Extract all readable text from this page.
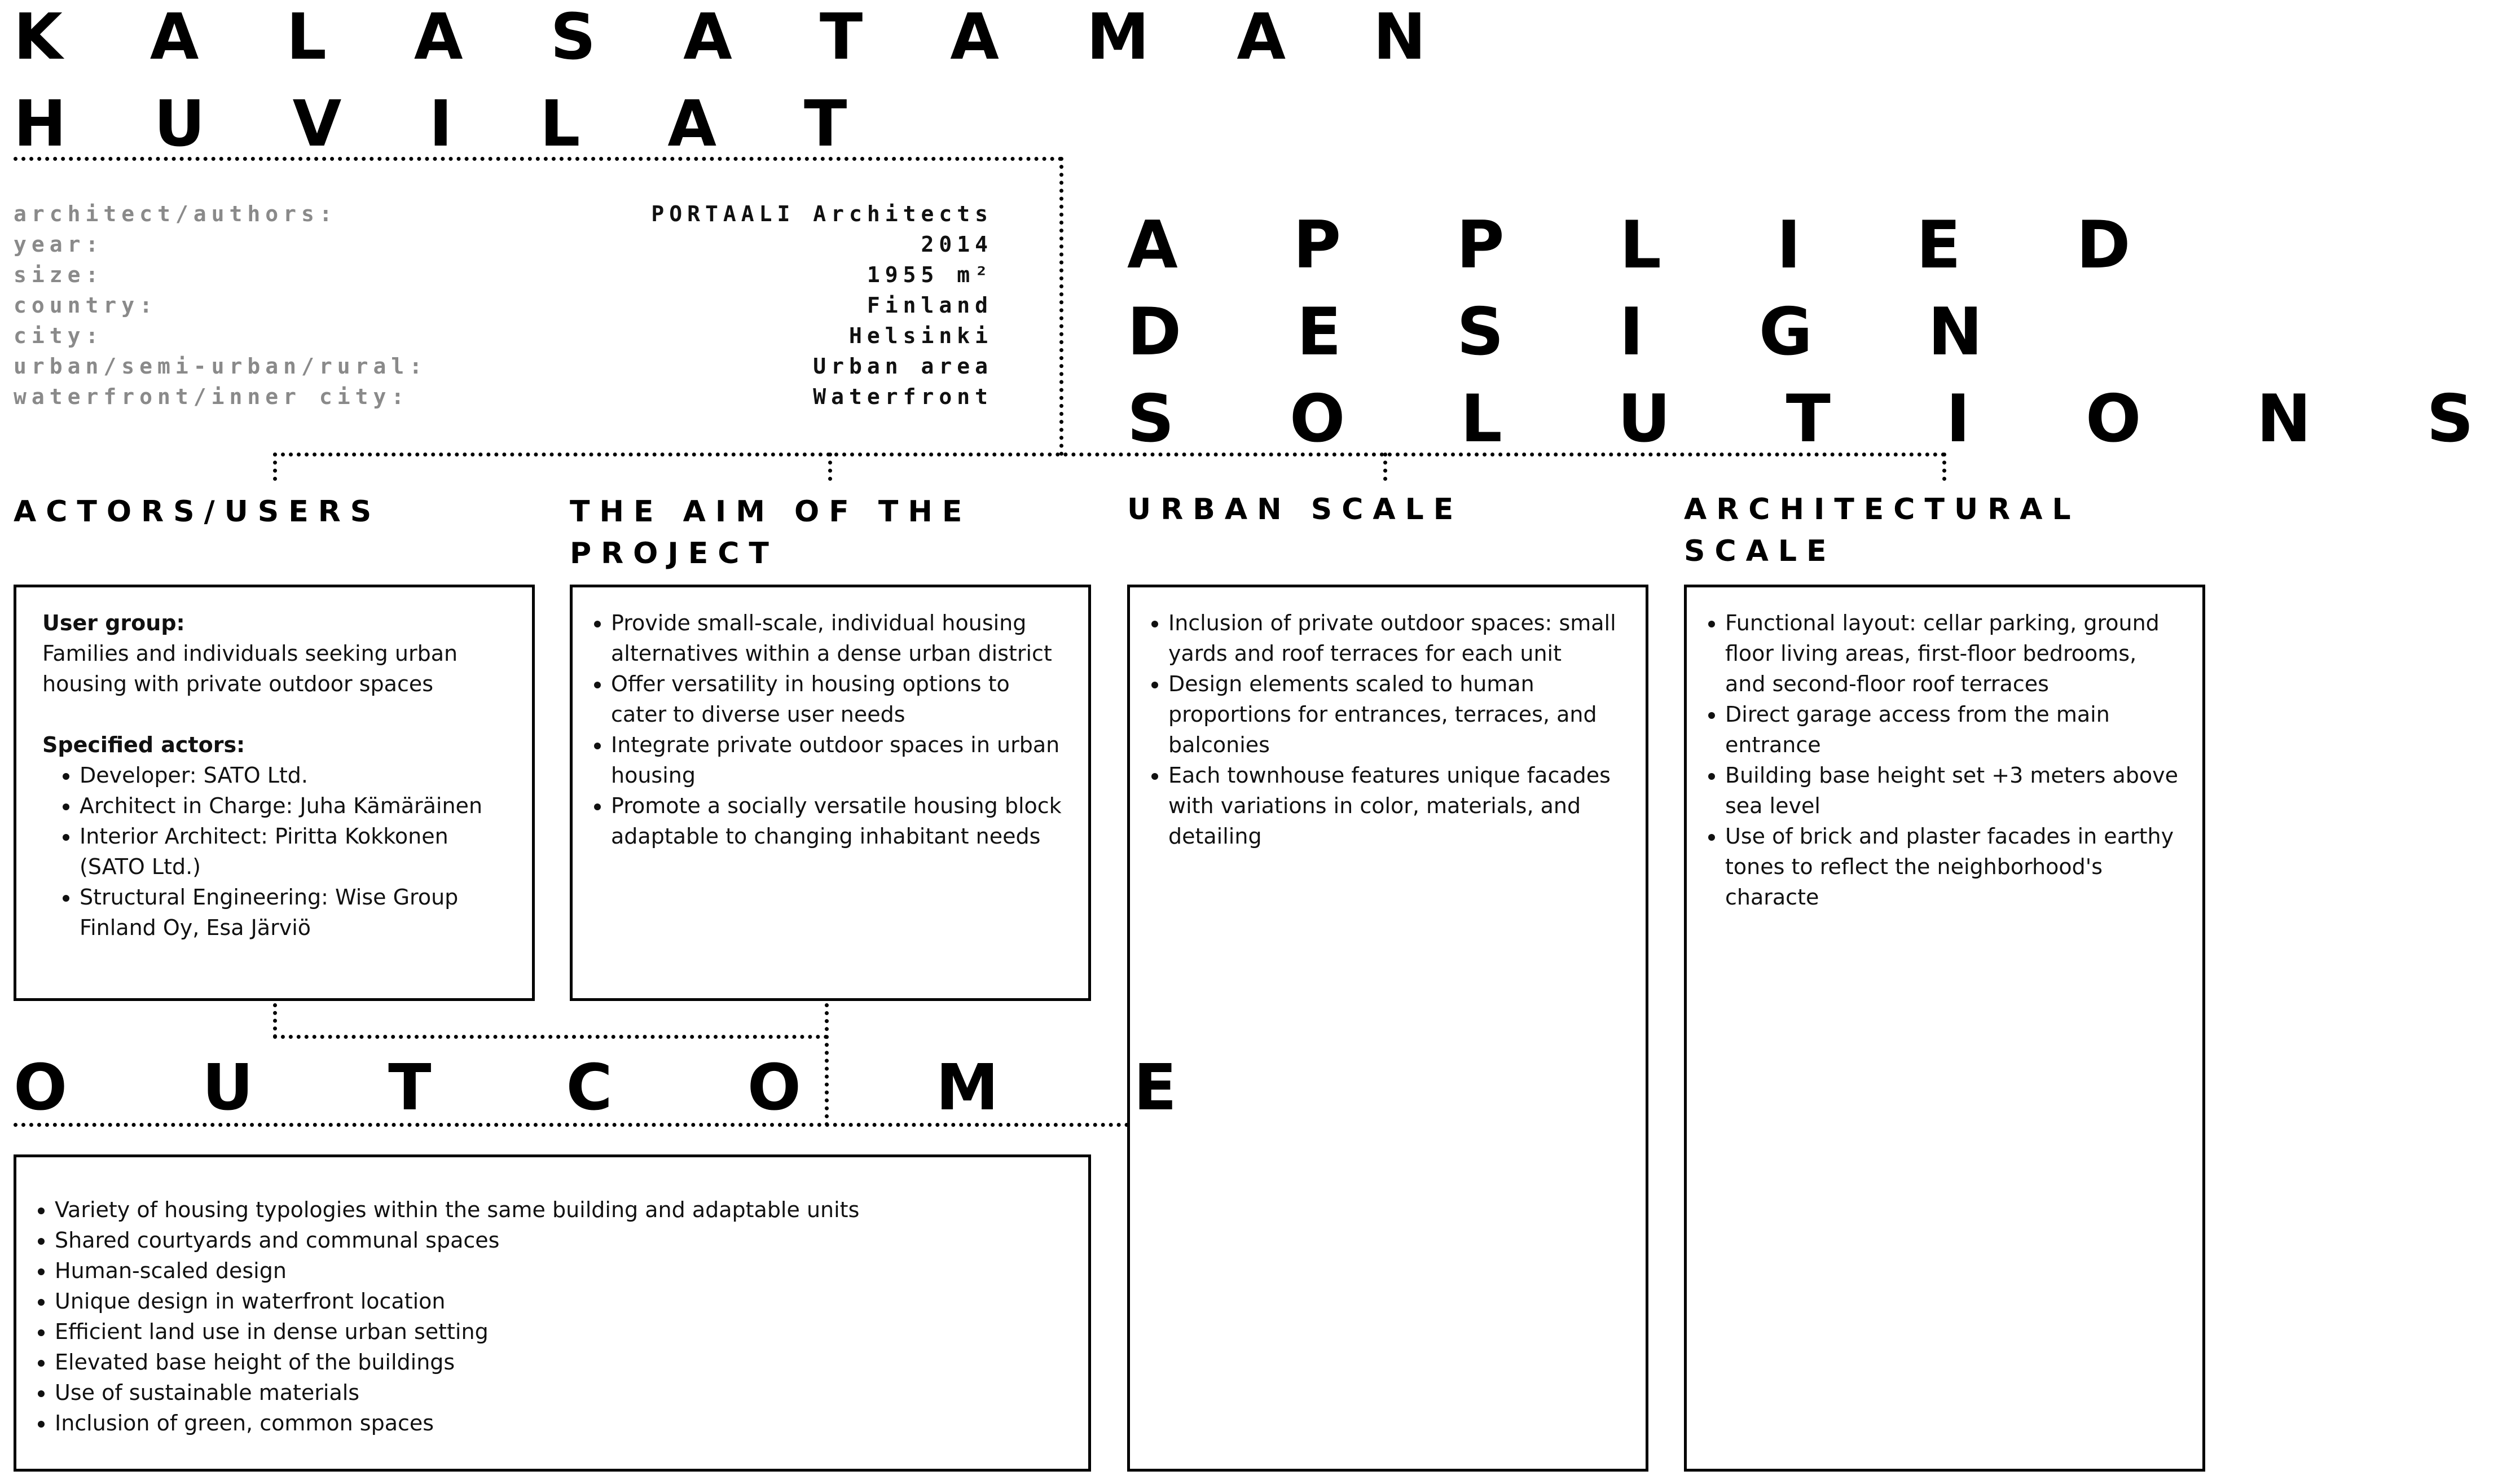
K A L A S A T A M A N
H U V I L A T
architect/authors:	PORTAALI Architects
year:	2014
size:	1955 m²
country:	Finland
city:	Helsinki
urban/semi-urban/rural:	Urban area
waterfront/inner city:	Waterfront
A P P L I E D
D E S I G N
S O L U T I O N S
ACTORS/USERS	THE AIM OF THE PROJECT
URBAN SCALE	ARCHITECTURAL SCALE
User group:
Families and individuals seeking urban housing with private outdoor spaces
Specified actors:
• Developer: SATO Ltd.
• Architect in Charge: Juha Kämäräinen
• Interior Architect: Piritta Kokkonen (SATO Ltd.)
• Structural Engineering: Wise Group Finland Oy, Esa Järviö
• Provide small-scale, individual housing alternatives within a dense urban district
• Offer versatility in housing options to cater to diverse user needs
• Integrate private outdoor spaces in urban housing
• Promote a socially versatile housing block adaptable to changing inhabitant needs
• Inclusion of private outdoor spaces: small yards and roof terraces for each unit
• Design elements scaled to human proportions for entrances, terraces, and balconies
• Each townhouse features unique facades with variations in color, materials, and detailing
• Functional layout: cellar parking, ground floor living areas, first-floor bedrooms, and second-floor roof terraces
• Direct garage access from the main entrance
• Building base height set +3 meters above sea level
• Use of brick and plaster facades in earthy tones to reflect the neighborhood's characte
O U T C O M E
• Variety of housing typologies within the same building and adaptable units
• Shared courtyards and communal spaces
• Human-scaled design
• Unique design in waterfront location
• Efficient land use in dense urban setting
• Elevated base height of the buildings
• Use of sustainable materials
• Inclusion of green, common spaces
